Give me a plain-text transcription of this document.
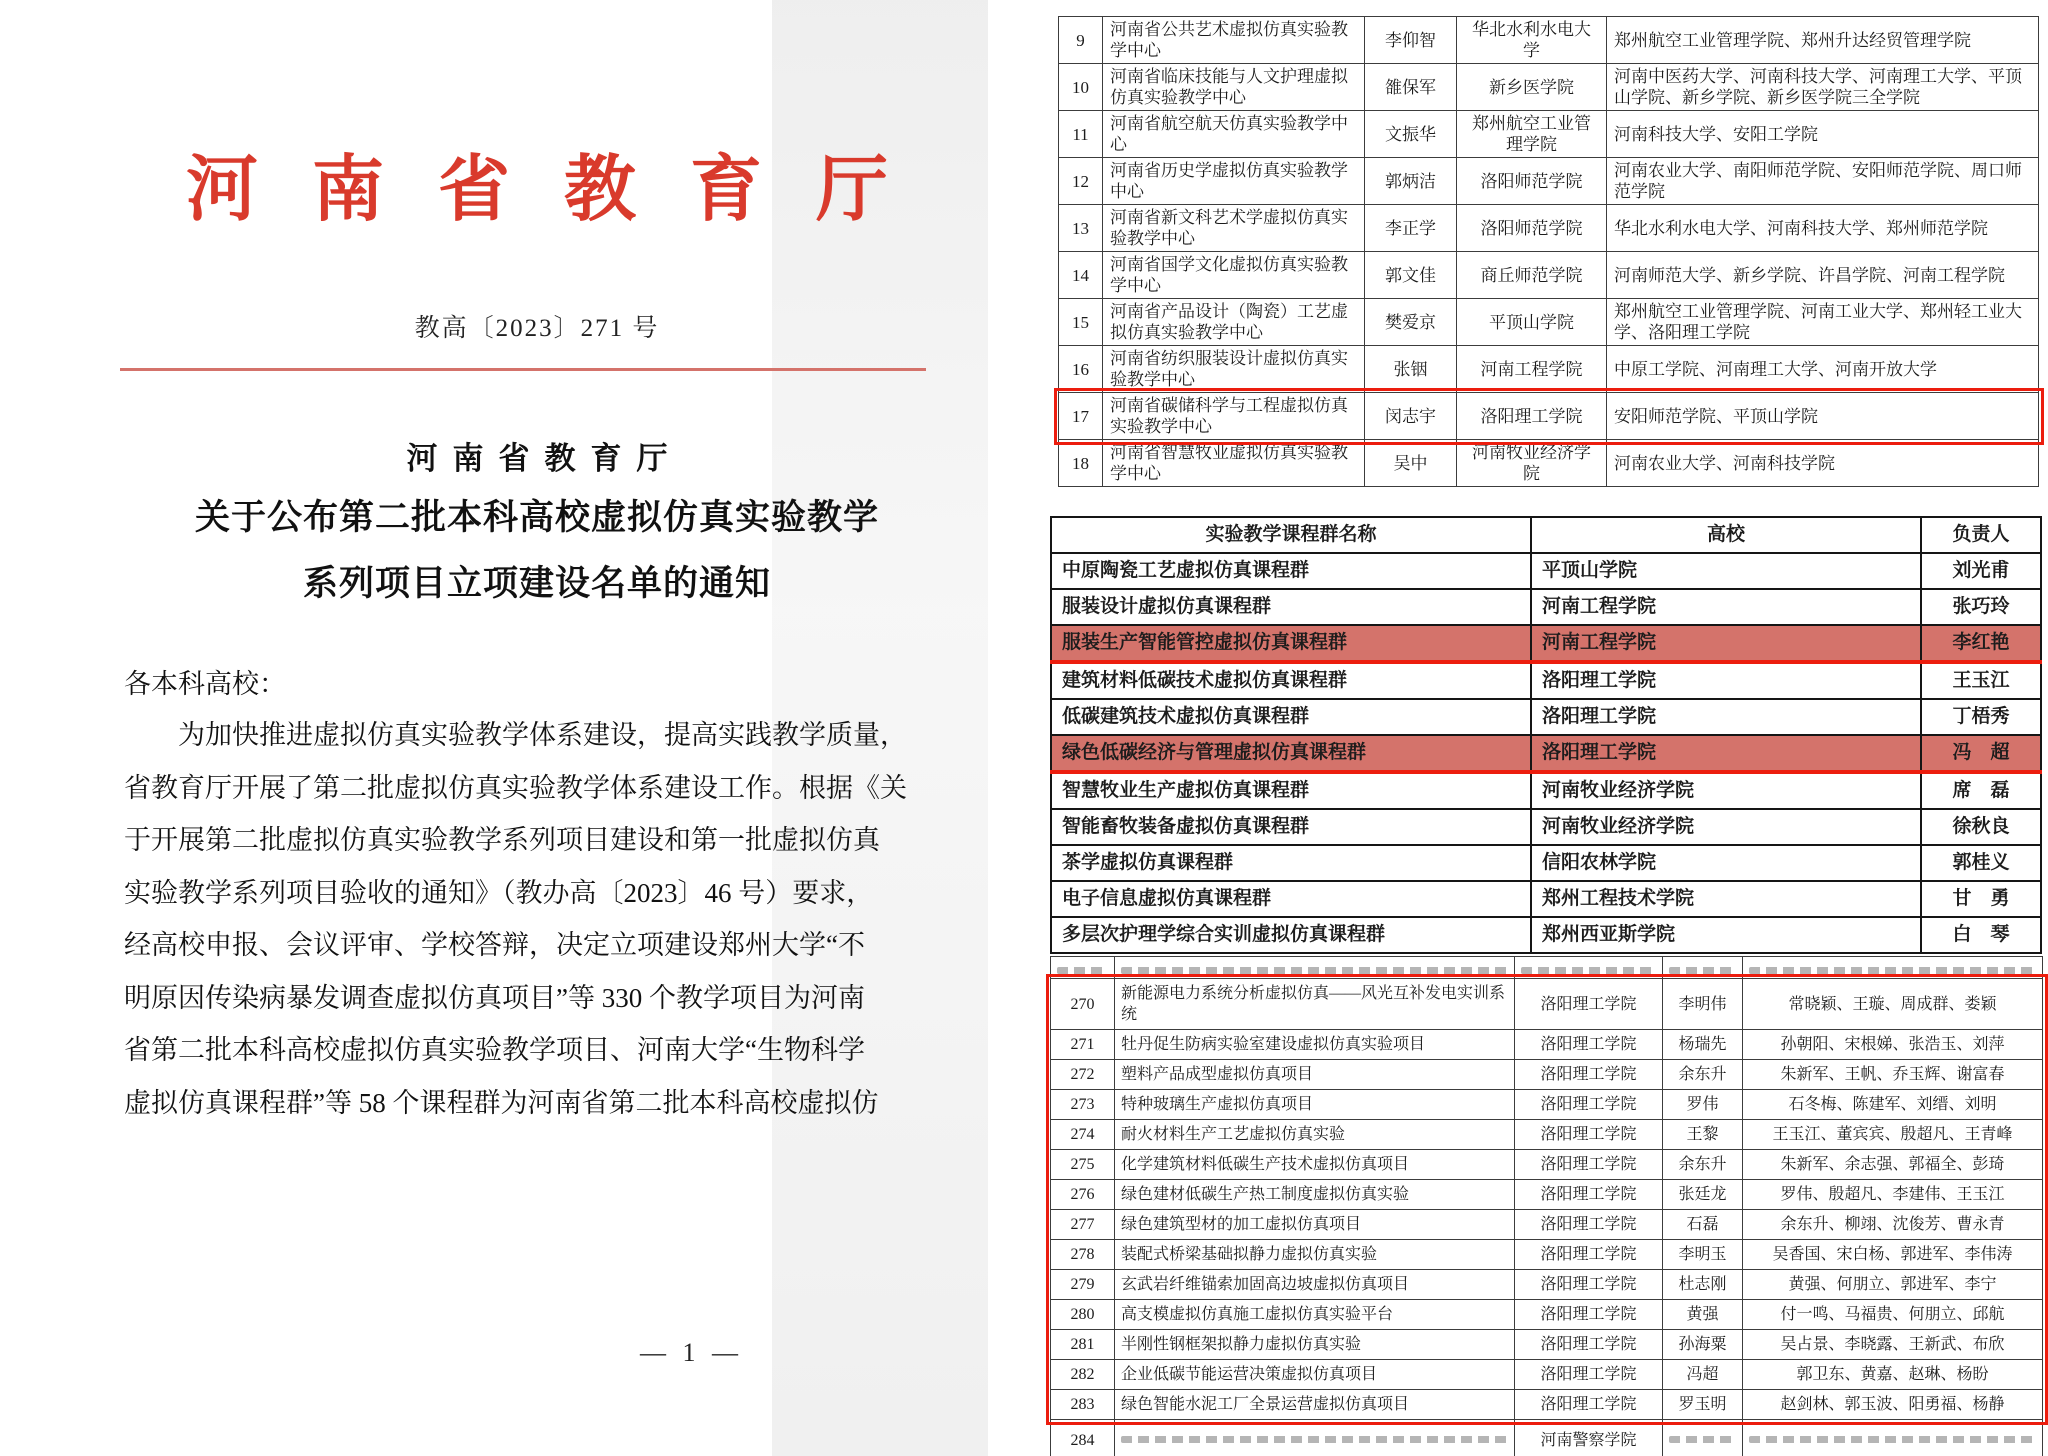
河南省教育厅
教高〔2023〕271 号
河南省教育厅
关于公布第二批本科高校虚拟仿真实验教学
系列项目立项建设名单的通知
各本科高校：
为加快推进虚拟仿真实验教学体系建设，提高实践教学质量，
省教育厅开展了第二批虚拟仿真实验教学体系建设工作。根据《关
于开展第二批虚拟仿真实验教学系列项目建设和第一批虚拟仿真
实验教学系列项目验收的通知》（教办高〔2023〕46 号）要求，
经高校申报、会议评审、学校答辩，决定立项建设郑州大学“不
明原因传染病暴发调查虚拟仿真项目”等 330 个教学项目为河南
省第二批本科高校虚拟仿真实验教学项目、河南大学“生物科学
虚拟仿真课程群”等 58 个课程群为河南省第二批本科高校虚拟仿
— 1 —
9	河南省公共艺术虚拟仿真实验教学中心	李仰智	华北水利水电大学	郑州航空工业管理学院、郑州升达经贸管理学院
10	河南省临床技能与人文护理虚拟仿真实验教学中心	雒保军	新乡医学院	河南中医药大学、河南科技大学、河南理工大学、平顶山学院、新乡学院、新乡医学院三全学院
11	河南省航空航天仿真实验教学中心	文振华	郑州航空工业管理学院	河南科技大学、安阳工学院
12	河南省历史学虚拟仿真实验教学中心	郭炳洁	洛阳师范学院	河南农业大学、南阳师范学院、安阳师范学院、周口师范学院
13	河南省新文科艺术学虚拟仿真实验教学中心	李正学	洛阳师范学院	华北水利水电大学、河南科技大学、郑州师范学院
14	河南省国学文化虚拟仿真实验教学中心	郭文佳	商丘师范学院	河南师范大学、新乡学院、许昌学院、河南工程学院
15	河南省产品设计（陶瓷）工艺虚拟仿真实验教学中心	樊爱京	平顶山学院	郑州航空工业管理学院、河南工业大学、郑州轻工业大学、洛阳理工学院
16	河南省纺织服装设计虚拟仿真实验教学中心	张铟	河南工程学院	中原工学院、河南理工大学、河南开放大学
17	河南省碳储科学与工程虚拟仿真实验教学中心	闵志宇	洛阳理工学院	安阳师范学院、平顶山学院
18	河南省智慧牧业虚拟仿真实验教学中心	吴中	河南牧业经济学院	河南农业大学、河南科技学院
实验教学课程群名称	高校	负责人
中原陶瓷工艺虚拟仿真课程群	平顶山学院	刘光甫
服装设计虚拟仿真课程群	河南工程学院	张巧玲
服装生产智能管控虚拟仿真课程群	河南工程学院	李红艳
建筑材料低碳技术虚拟仿真课程群	洛阳理工学院	王玉江
低碳建筑技术虚拟仿真课程群	洛阳理工学院	丁梧秀
绿色低碳经济与管理虚拟仿真课程群	洛阳理工学院	冯　超
智慧牧业生产虚拟仿真课程群	河南牧业经济学院	席　磊
智能畜牧装备虚拟仿真课程群	河南牧业经济学院	徐秋良
茶学虚拟仿真课程群	信阳农林学院	郭桂义
电子信息虚拟仿真课程群	郑州工程技术学院	甘　勇
多层次护理学综合实训虚拟仿真课程群	郑州西亚斯学院	白　琴

270	新能源电力系统分析虚拟仿真——风光互补发电实训系统	洛阳理工学院	李明伟	常晓颖、王璇、周成群、娄颖
271	牡丹促生防病实验室建设虚拟仿真实验项目	洛阳理工学院	杨瑞先	孙朝阳、宋根娣、张浩玉、刘萍
272	塑料产品成型虚拟仿真项目	洛阳理工学院	余东升	朱新军、王帆、乔玉辉、谢富春
273	特种玻璃生产虚拟仿真项目	洛阳理工学院	罗伟	石冬梅、陈建军、刘缙、刘明
274	耐火材料生产工艺虚拟仿真实验	洛阳理工学院	王黎	王玉江、董宾宾、殷超凡、王青峰
275	化学建筑材料低碳生产技术虚拟仿真项目	洛阳理工学院	余东升	朱新军、余志强、郭福全、彭琦
276	绿色建材低碳生产热工制度虚拟仿真实验	洛阳理工学院	张廷龙	罗伟、殷超凡、李建伟、王玉江
277	绿色建筑型材的加工虚拟仿真项目	洛阳理工学院	石磊	余东升、柳翊、沈俊芳、曹永青
278	装配式桥梁基础拟静力虚拟仿真实验	洛阳理工学院	李明玉	吴香国、宋白杨、郭进军、李伟涛
279	玄武岩纤维锚索加固高边坡虚拟仿真项目	洛阳理工学院	杜志刚	黄强、何朋立、郭进军、李宁
280	高支模虚拟仿真施工虚拟仿真实验平台	洛阳理工学院	黄强	付一鸣、马福贵、何朋立、邱航
281	半刚性钢框架拟静力虚拟仿真实验	洛阳理工学院	孙海粟	吴占景、李晓露、王新武、布欣
282	企业低碳节能运营决策虚拟仿真项目	洛阳理工学院	冯超	郭卫东、黄嘉、赵琳、杨盼
283	绿色智能水泥工厂全景运营虚拟仿真项目	洛阳理工学院	罗玉明	赵剑林、郭玉波、阳勇福、杨静
284		河南警察学院	
